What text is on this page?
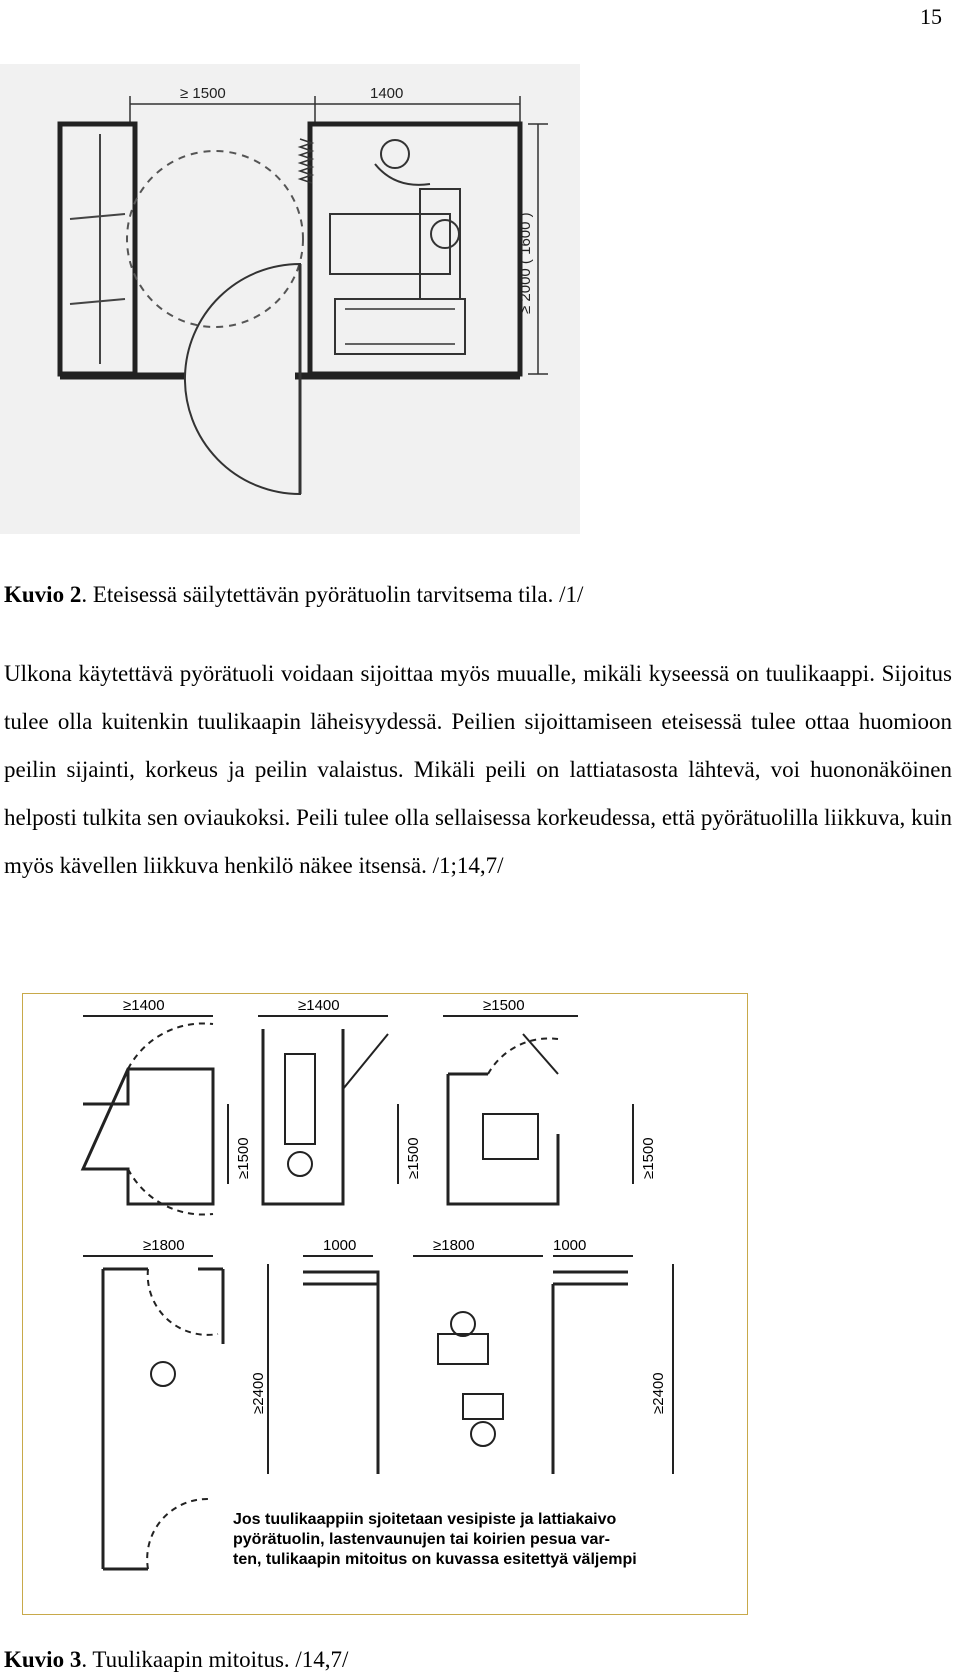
15
≥ 1500	1400
≥ 2000 ( 1600 )
Kuvio 2. Eteisessä säilytettävän pyörätuolin tarvitsema tila. /1/

Ulkona käytettävä pyörätuoli voidaan sijoittaa myös muualle, mikäli kyseessä on tuulikaappi. Sijoitus tulee olla kuitenkin tuulikaapin läheisyydessä. Peilien sijoittamiseen eteisessä tulee ottaa huomioon peilin sijainti, korkeus ja peilin valaistus. Mikäli peili on lattiatasosta lähtevä, voi huononäköinen helposti tulkita sen oviaukoksi. Peili tulee olla sellaisessa korkeudessa, että pyörätuolilla liikkuva, kuin myös kävellen liikkuva henkilö näkee itsensä. /1;14,7/

≥1400	≥1400	≥1500
≥1500	≥1500	≥1500
≥1800
≥2400
1000	≥1800	1000
≥2400
Jos tuulikaappiin sjoitetaan vesipiste ja lattiakaivo
pyörätuolin, lastenvaunujen tai koirien pesua var-
ten, tulikaapin mitoitus on kuvassa esitettyä väljempi
Kuvio 3. Tuulikaapin mitoitus. /14,7/
